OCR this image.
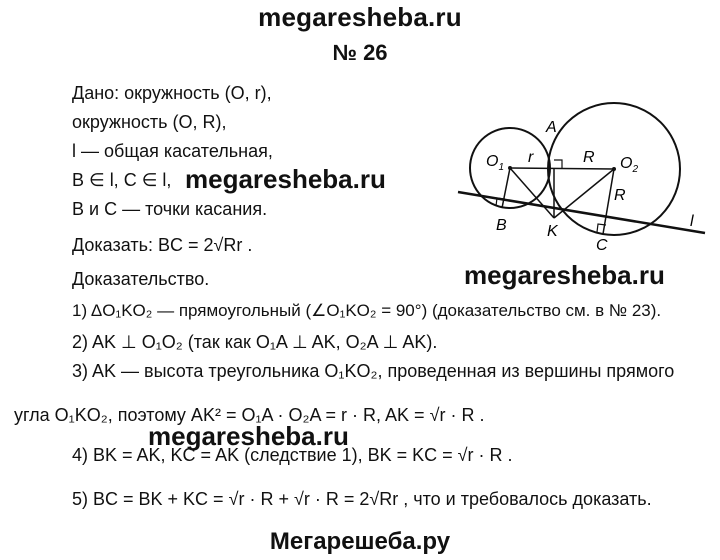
megaresheba.ru
№ 26
Дано: окружность (O, r),
окружность (O, R),
l — общая касательная,
B ∈ l, C ∈ l,
B и C — точки касания.
megaresheba.ru
Доказать: BC = 2√Rr .
megaresheba.ru
Доказательство.
1) ΔO₁KO₂ — прямоугольный (∠O₁KO₂ = 90°) (доказательство см. в № 23).
2) AK ⊥ O₁O₂ (так как O₁A ⊥ AK, O₂A ⊥ AK).
3) AK — высота треугольника O₁KO₂, проведенная из вершины прямого
угла O₁KO₂, поэтому AK² = O₁A · O₂A = r · R, AK = √r · R .
megaresheba.ru
4) BK = AK, KC = AK (следствие 1), BK = KC = √r · R .
5) BC = BK + KC = √r · R + √r · R = 2√Rr , что и требовалось доказать.
A
$O_1$
r	R $O_2$
R
B	K
C
l
Мегарешеба.ру
